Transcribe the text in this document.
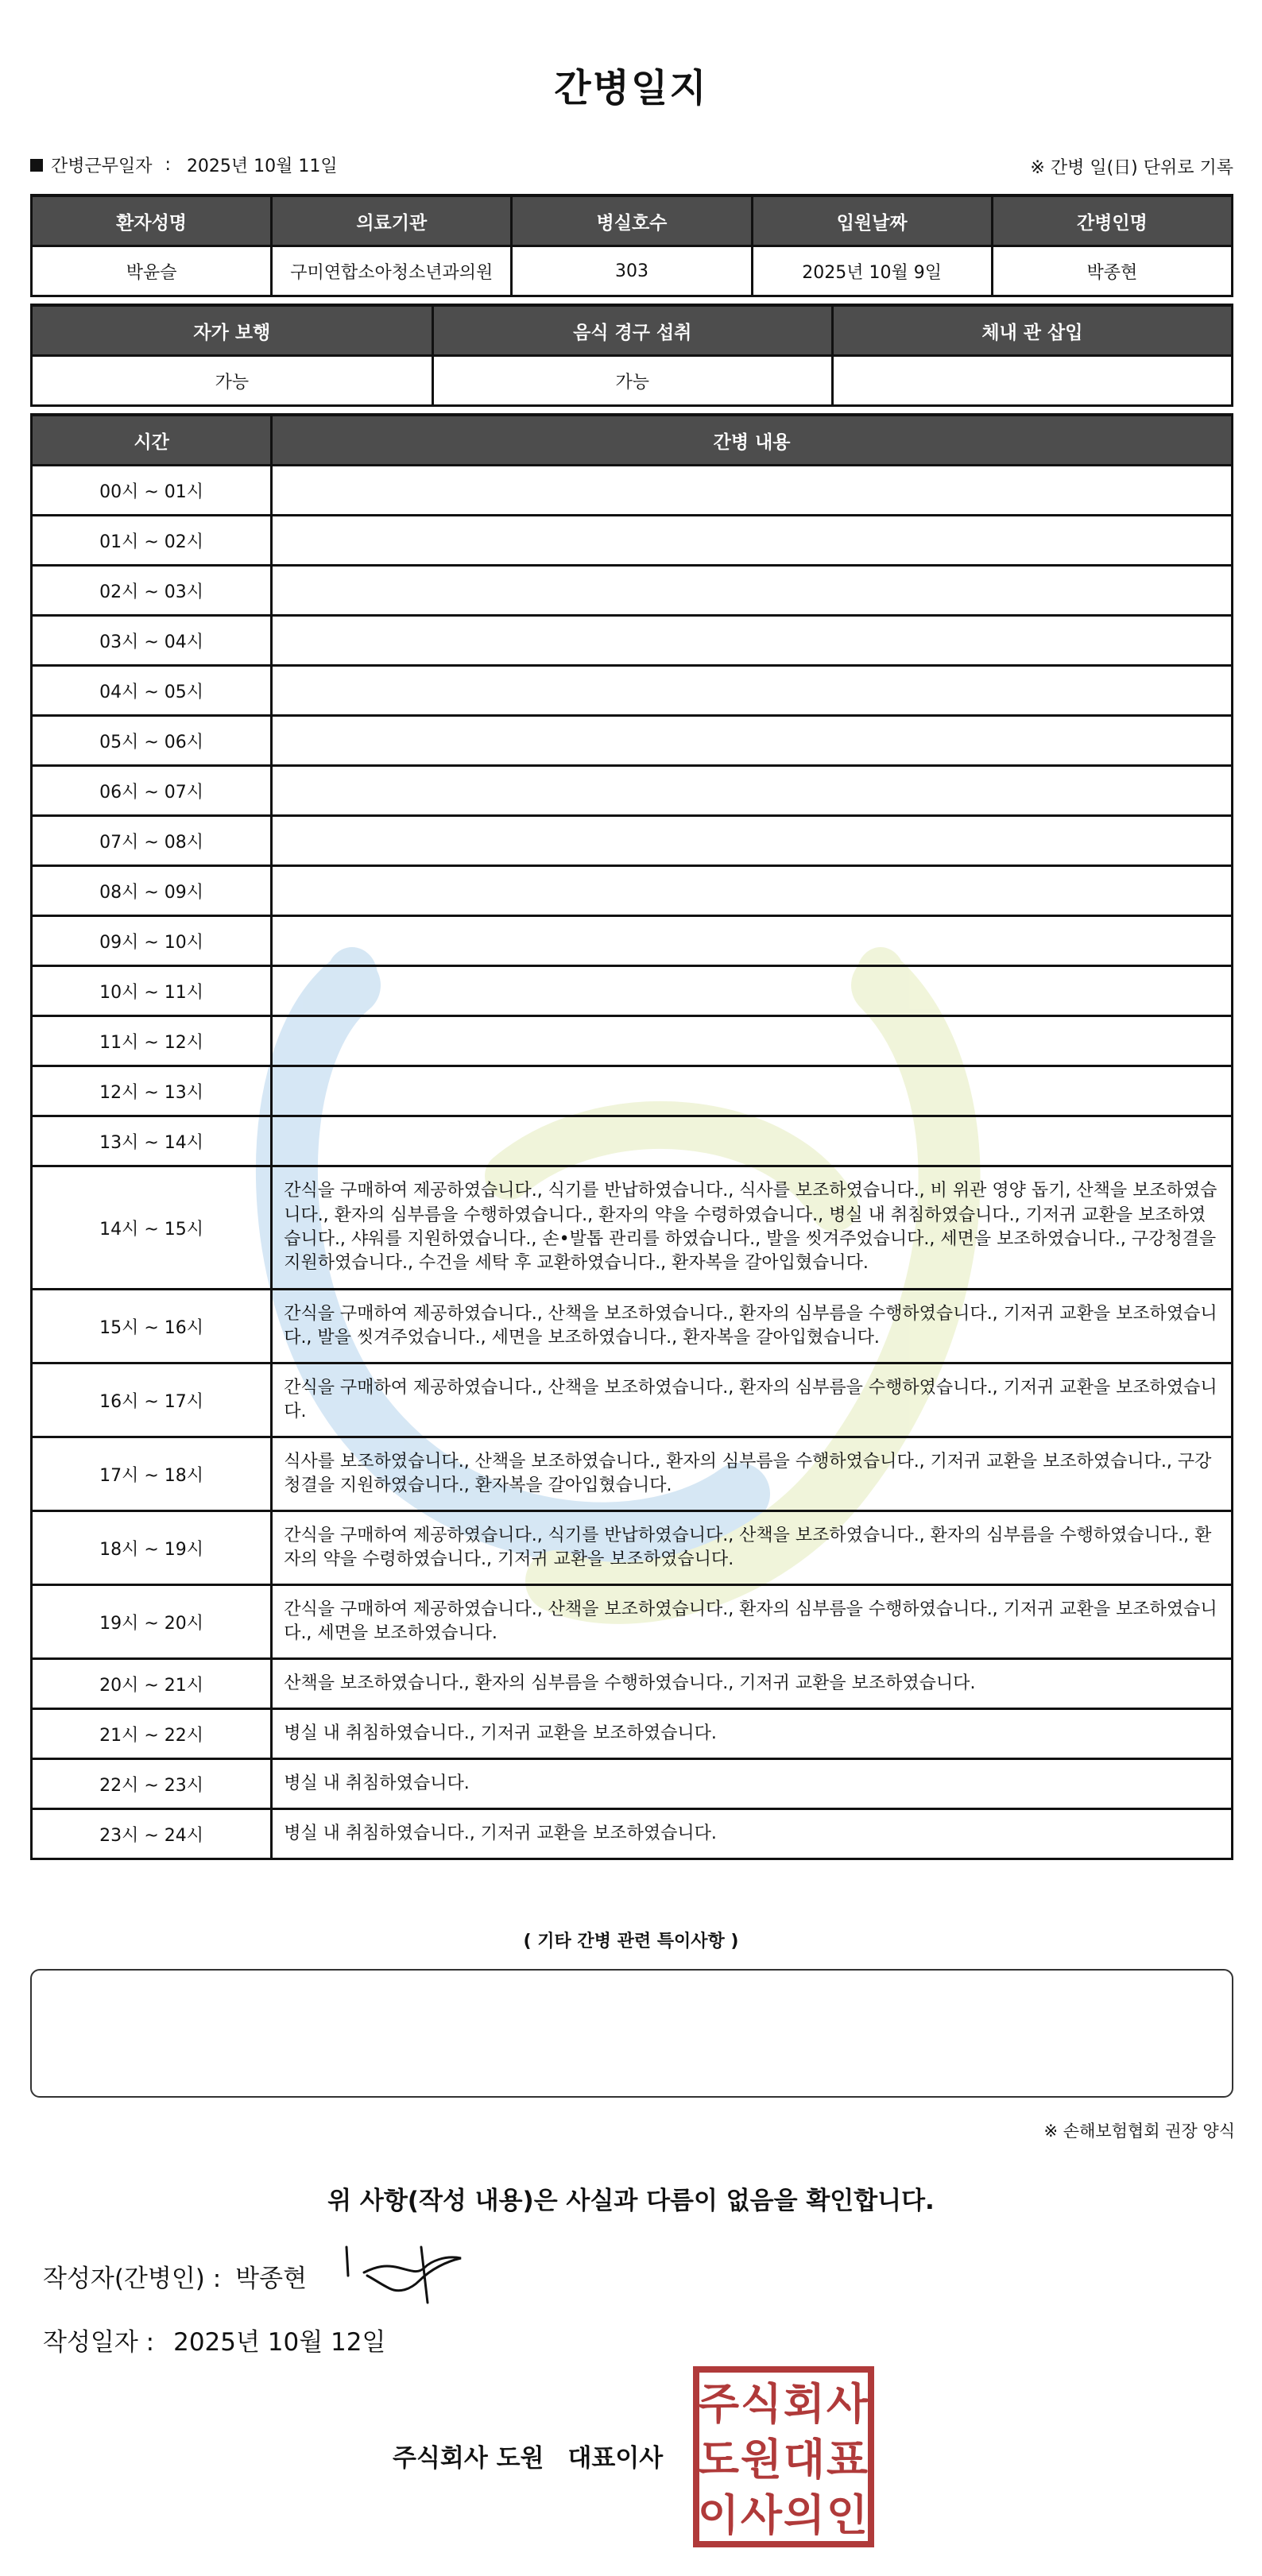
간병일지
간병근무일자 : 2025년 10월 11일	※ 간병 일(日) 단위로 기록
환자성명	의료기관	병실호수	입원날짜	간병인명
박윤슬	구미연합소아청소년과의원	303	2025년 10월 9일	박종현
자가 보행	음식 경구 섭취	체내 관 삽입
가능	가능	
시간	간병 내용
00시 ~ 01시	
01시 ~ 02시	
02시 ~ 03시	
03시 ~ 04시	
04시 ~ 05시	
05시 ~ 06시	
06시 ~ 07시	
07시 ~ 08시	
08시 ~ 09시	
09시 ~ 10시	
10시 ~ 11시	
11시 ~ 12시	
12시 ~ 13시	
13시 ~ 14시	
14시 ~ 15시	간식을 구매하여 제공하였습니다., 식기를 반납하였습니다., 식사를 보조하였습니다., 비 위관 영양 돕기, 산책을 보조하였습니다., 환자의 심부름을 수행하였습니다., 환자의 약을 수령하였습니다., 병실 내 취침하였습니다., 기저귀 교환을 보조하였습니다., 샤워를 지원하였습니다., 손•발톱 관리를 하였습니다., 발을 씻겨주었습니다., 세면을 보조하였습니다., 구강청결을 지원하였습니다., 수건을 세탁 후 교환하였습니다., 환자복을 갈아입혔습니다.
15시 ~ 16시	간식을 구매하여 제공하였습니다., 산책을 보조하였습니다., 환자의 심부름을 수행하였습니다., 기저귀 교환을 보조하였습니다., 발을 씻겨주었습니다., 세면을 보조하였습니다., 환자복을 갈아입혔습니다.
16시 ~ 17시	간식을 구매하여 제공하였습니다., 산책을 보조하였습니다., 환자의 심부름을 수행하였습니다., 기저귀 교환을 보조하였습니다.
17시 ~ 18시	식사를 보조하였습니다., 산책을 보조하였습니다., 환자의 심부름을 수행하였습니다., 기저귀 교환을 보조하였습니다., 구강청결을 지원하였습니다., 환자복을 갈아입혔습니다.
18시 ~ 19시	간식을 구매하여 제공하였습니다., 식기를 반납하였습니다., 산책을 보조하였습니다., 환자의 심부름을 수행하였습니다., 환자의 약을 수령하였습니다., 기저귀 교환을 보조하였습니다.
19시 ~ 20시	간식을 구매하여 제공하였습니다., 산책을 보조하였습니다., 환자의 심부름을 수행하였습니다., 기저귀 교환을 보조하였습니다., 세면을 보조하였습니다.
20시 ~ 21시	산책을 보조하였습니다., 환자의 심부름을 수행하였습니다., 기저귀 교환을 보조하였습니다.
21시 ~ 22시	병실 내 취침하였습니다., 기저귀 교환을 보조하였습니다.
22시 ~ 23시	병실 내 취침하였습니다.
23시 ~ 24시	병실 내 취침하였습니다., 기저귀 교환을 보조하였습니다.
( 기타 간병 관련 특이사항 )
※ 손해보험협회 권장 양식
위 사항(작성 내용)은 사실과 다름이 없음을 확인합니다.
작성자(간병인) : 박종현
작성일자 : 2025년 10월 12일
주식회사 도원 대표이사
주 식 회 사
도 원 대 표
이 사 의 인
